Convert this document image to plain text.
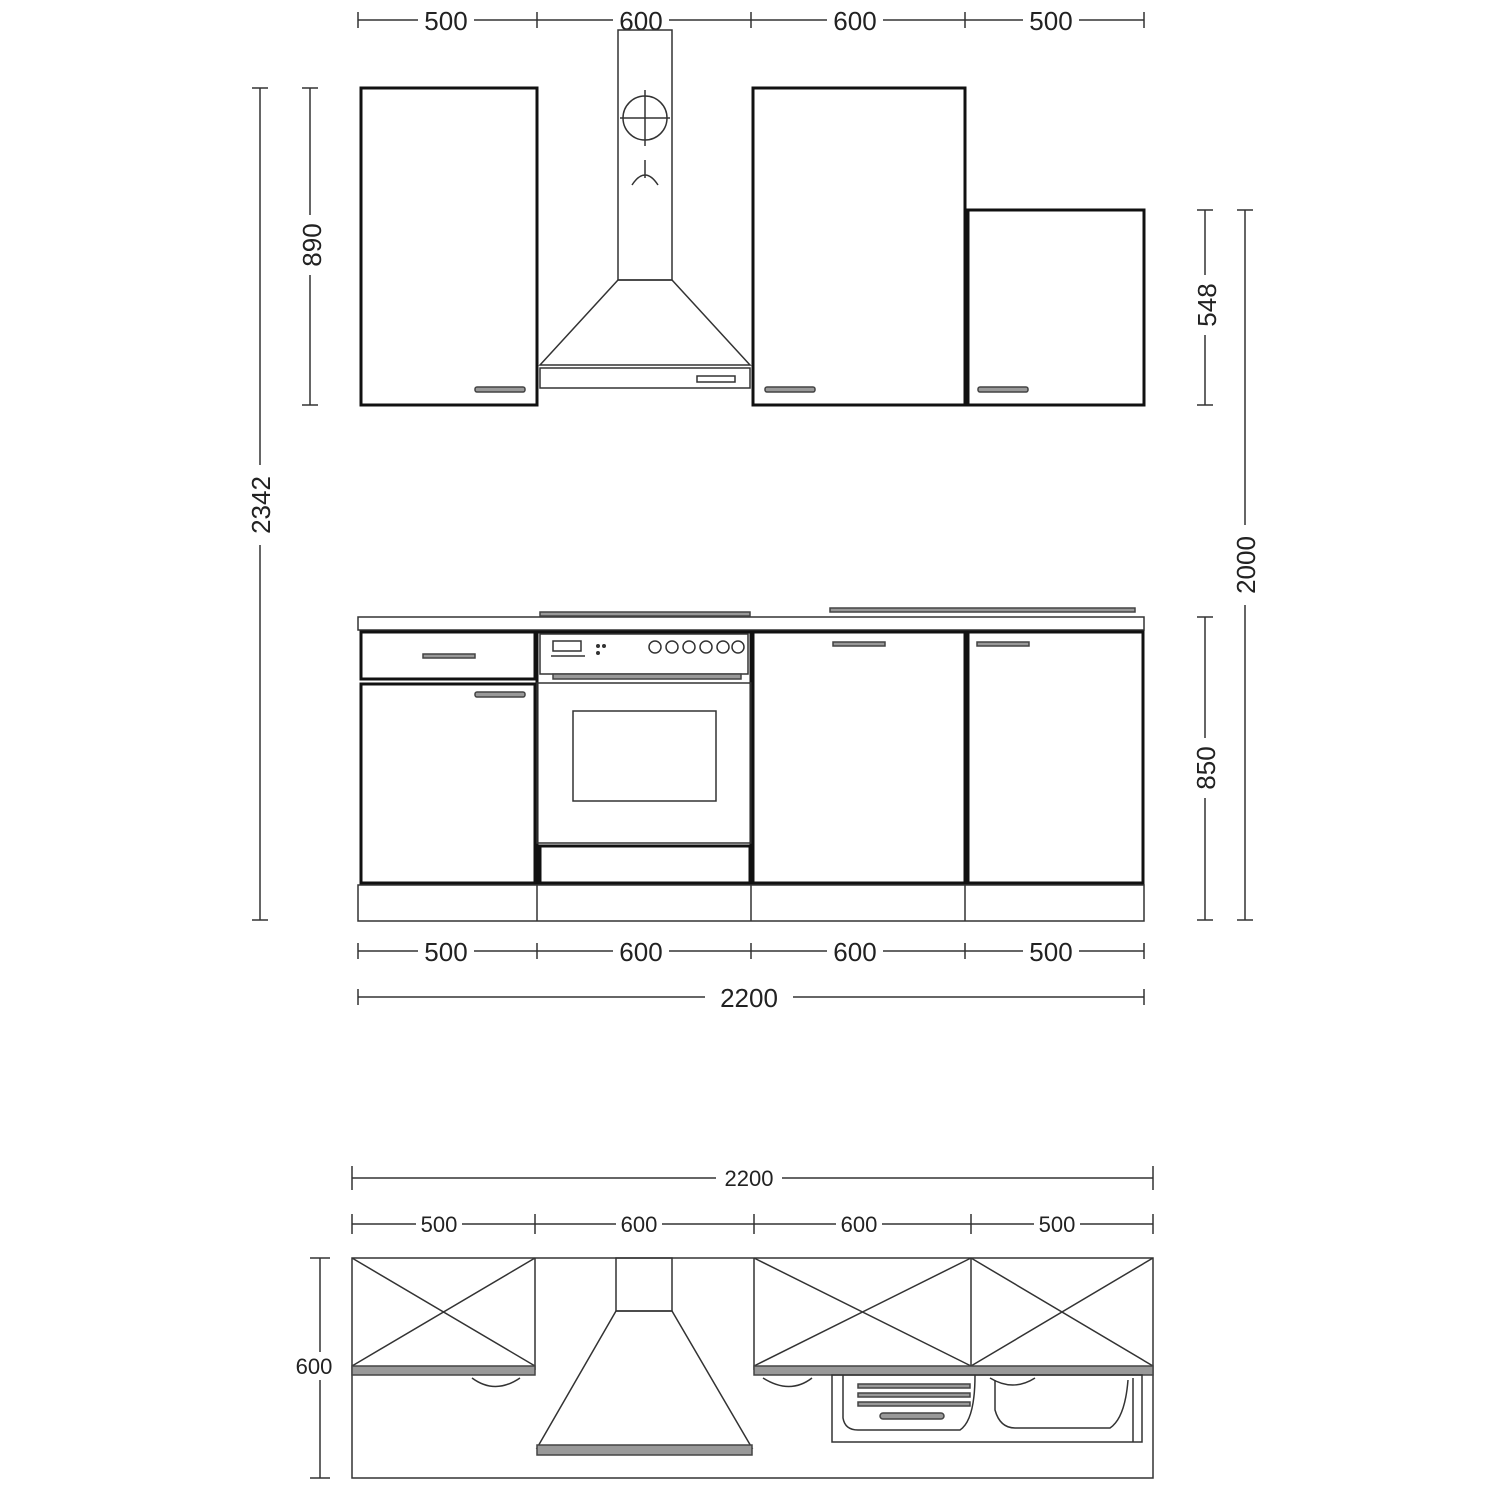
500	600	600	500
890
2342
548
2000
850
500	600	600	500
2200
2200
500	600	600	500
600
